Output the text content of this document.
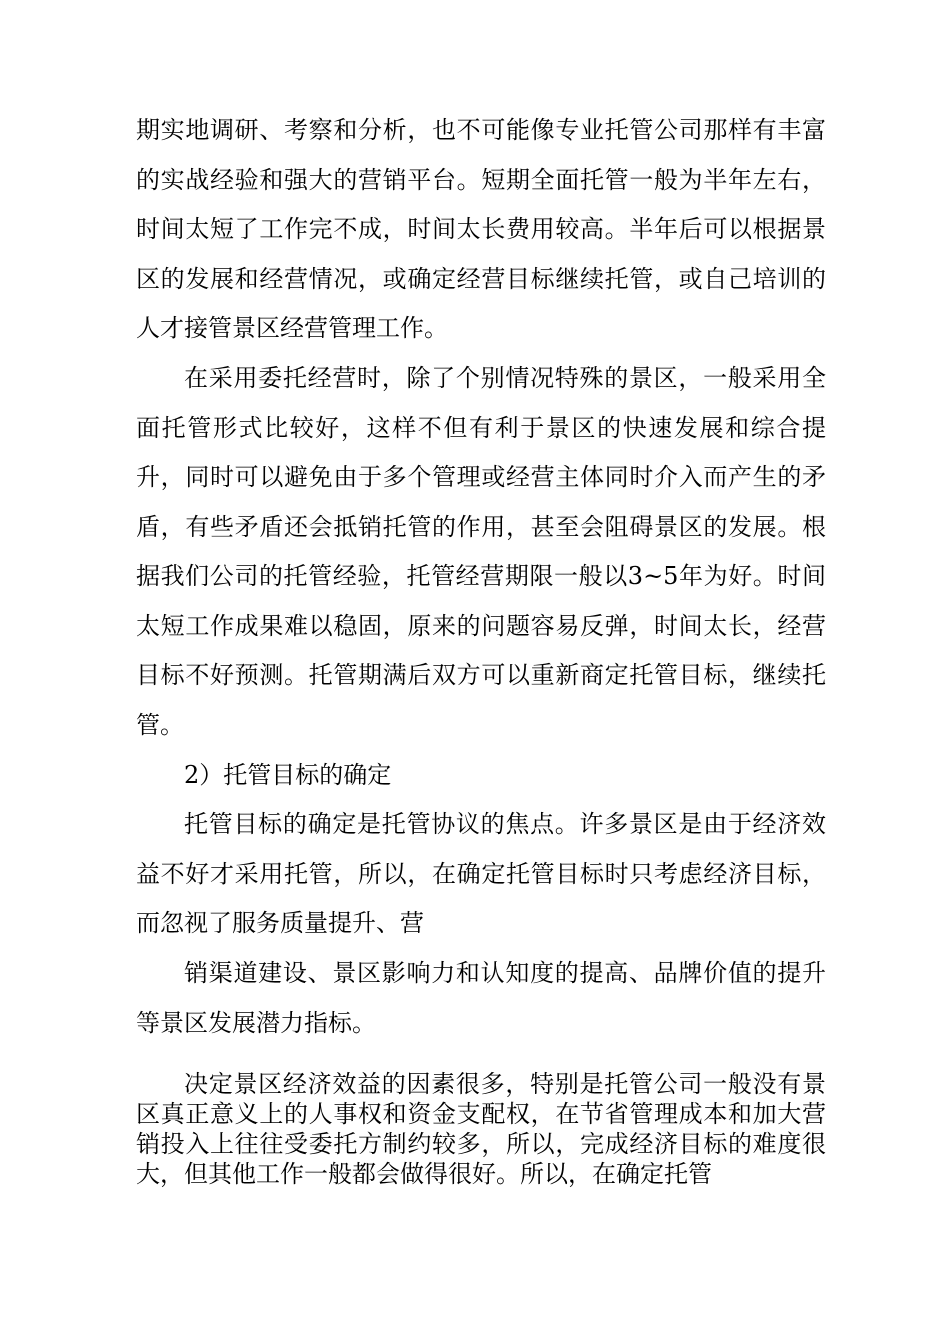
期实地调研、考察和分析，也不可能像专业托管公司那样有丰富的实战经验和强大的营销平台。短期全面托管一般为半年左右，时间太短了工作完不成，时间太长费用较高。半年后可以根据景区的发展和经营情况，或确定经营目标继续托管，或自己培训的人才接管景区经营管理工作。

在采用委托经营时，除了个别情况特殊的景区，一般采用全面托管形式比较好，这样不但有利于景区的快速发展和综合提升，同时可以避免由于多个管理或经营主体同时介入而产生的矛盾，有些矛盾还会抵销托管的作用，甚至会阻碍景区的发展。根据我们公司的托管经验，托管经营期限一般以3~5年为好。时间太短工作成果难以稳固，原来的问题容易反弹，时间太长，经营目标不好预测。托管期满后双方可以重新商定托管目标，继续托管。

2）托管目标的确定

托管目标的确定是托管协议的焦点。许多景区是由于经济效益不好才采用托管，所以，在确定托管目标时只考虑经济目标，而忽视了服务质量提升、营

销渠道建设、景区影响力和认知度的提高、品牌价值的提升等景区发展潜力指标。

决定景区经济效益的因素很多，特别是托管公司一般没有景区真正意义上的人事权和资金支配权，在节省管理成本和加大营销投入上往往受委托方制约较多，所以，完成经济目标的难度很大，但其他工作一般都会做得很好。所以，在确定托管
